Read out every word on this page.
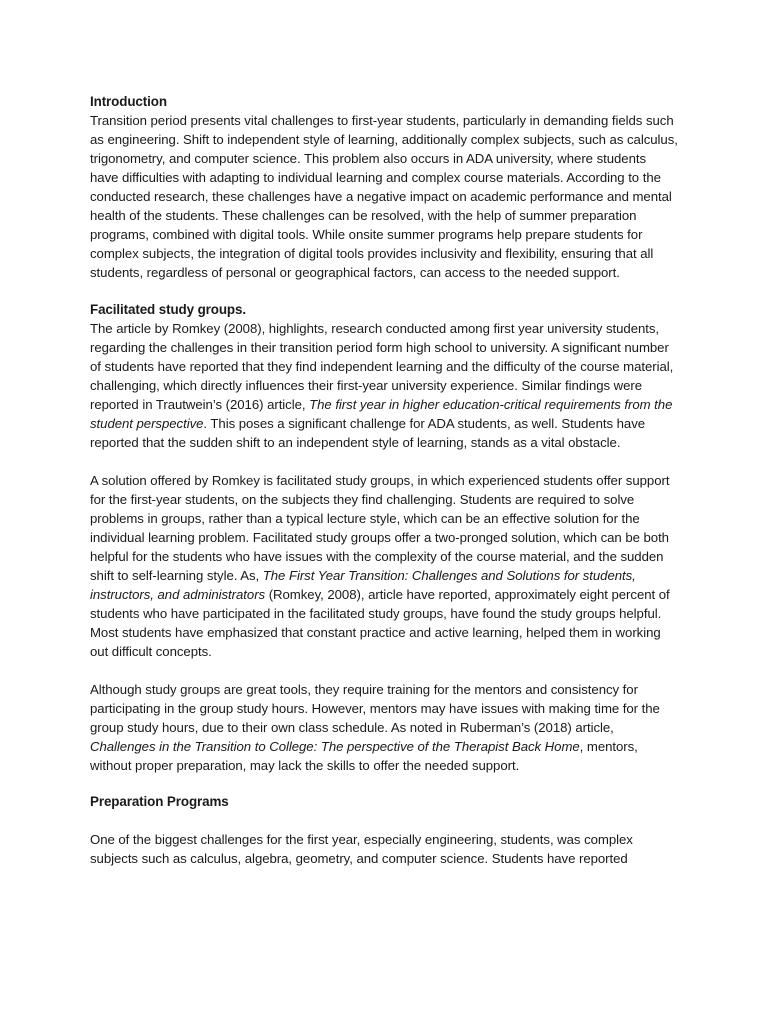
Introduction

Transition period presents vital challenges to first-year students, particularly in demanding fields such as engineering. Shift to independent style of learning, additionally complex subjects, such as calculus, trigonometry, and computer science. This problem also occurs in ADA university, where students have difficulties with adapting to individual learning and complex course materials. According to the conducted research, these challenges have a negative impact on academic performance and mental health of the students. These challenges can be resolved, with the help of summer preparation programs, combined with digital tools. While onsite summer programs help prepare students for complex subjects, the integration of digital tools provides inclusivity and flexibility, ensuring that all students, regardless of personal or geographical factors, can access to the needed support.

Facilitated study groups.

The article by Romkey (2008), highlights, research conducted among first year university students, regarding the challenges in their transition period form high school to university. A significant number of students have reported that they find independent learning and the difficulty of the course material, challenging, which directly influences their first-year university experience. Similar findings were reported in Trautwein’s (2016) article, The first year in higher education-critical requirements from the student perspective. This poses a significant challenge for ADA students, as well. Students have reported that the sudden shift to an independent style of learning, stands as a vital obstacle.

A solution offered by Romkey is facilitated study groups, in which experienced students offer support for the first-year students, on the subjects they find challenging. Students are required to solve problems in groups, rather than a typical lecture style, which can be an effective solution for the individual learning problem. Facilitated study groups offer a two-pronged solution, which can be both helpful for the students who have issues with the complexity of the course material, and the sudden shift to self-learning style. As, The First Year Transition: Challenges and Solutions for students, instructors, and administrators (Romkey, 2008), article have reported, approximately eight percent of students who have participated in the facilitated study groups, have found the study groups helpful. Most students have emphasized that constant practice and active learning, helped them in working out difficult concepts.

Although study groups are great tools, they require training for the mentors and consistency for participating in the group study hours. However, mentors may have issues with making time for the group study hours, due to their own class schedule. As noted in Ruberman’s (2018) article, Challenges in the Transition to College: The perspective of the Therapist Back Home, mentors, without proper preparation, may lack the skills to offer the needed support.

Preparation Programs

One of the biggest challenges for the first year, especially engineering, students, was complex subjects such as calculus, algebra, geometry, and computer science. Students have reported
